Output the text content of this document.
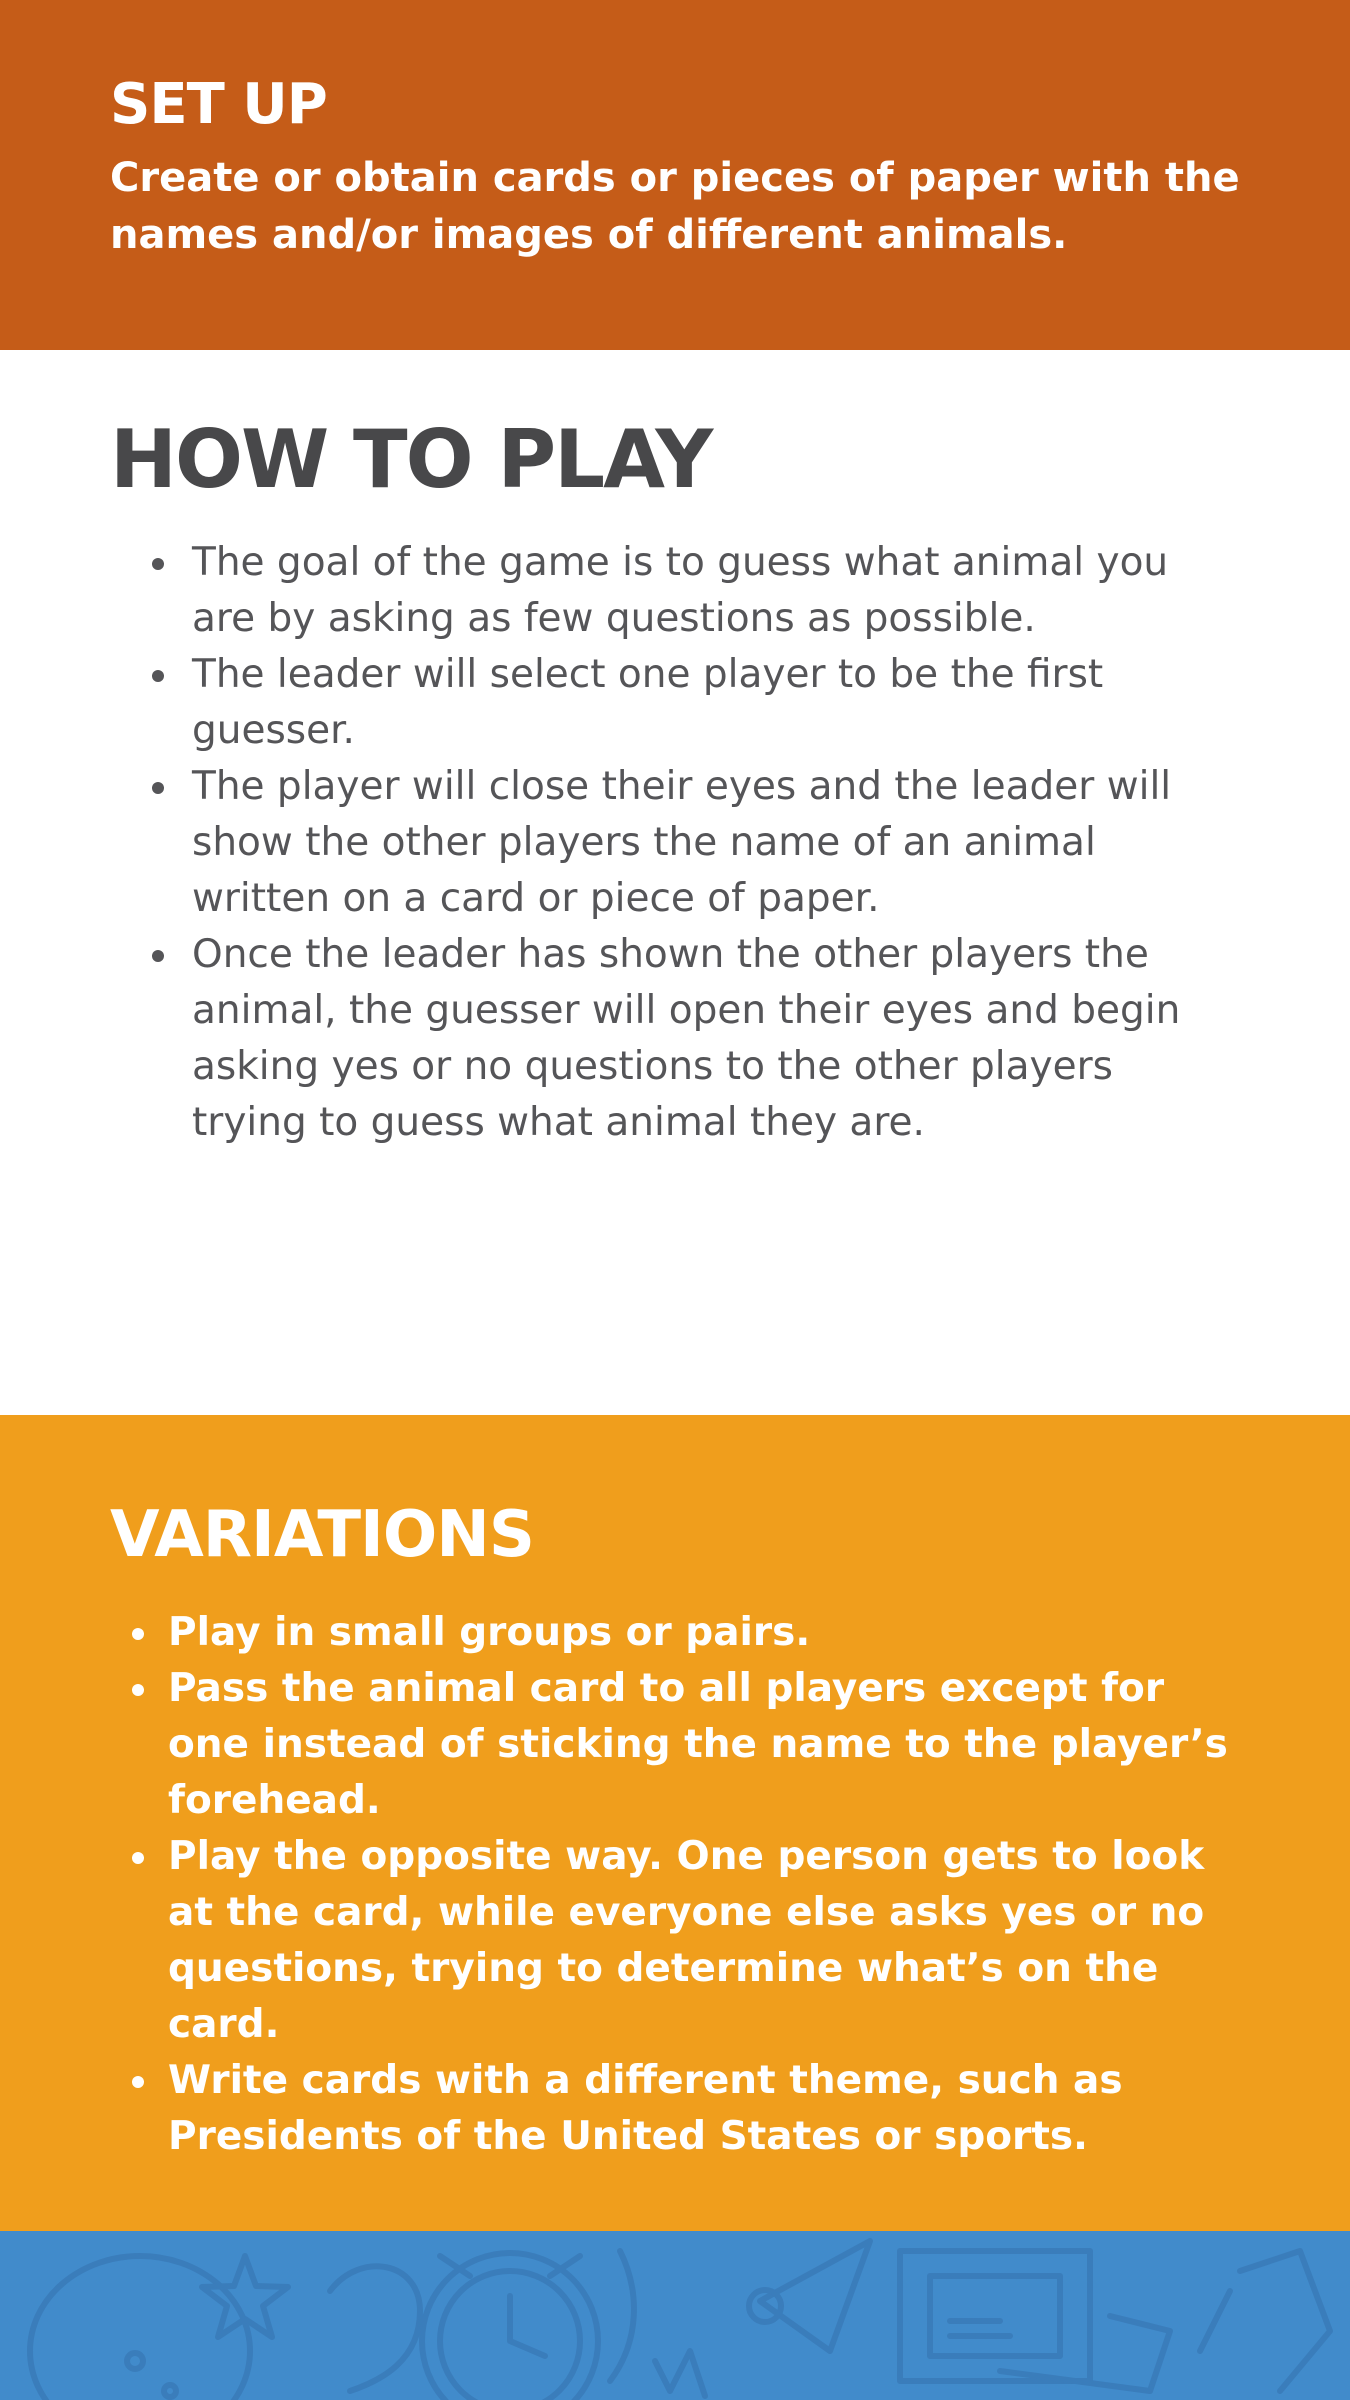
SET UP

Create or obtain cards or pieces of paper with the names and/or images of different animals.

HOW TO PLAY
The goal of the game is to guess what animal you are by asking as few questions as possible.
The leader will select one player to be the first guesser.
The player will close their eyes and the leader will show the other players the name of an animal written on a card or piece of paper.
Once the leader has shown the other players the animal, the guesser will open their eyes and begin asking yes or no questions to the other players trying to guess what animal they are.
VARIATIONS
Play in small groups or pairs.
Pass the animal card to all players except for one instead of sticking the name to the player’s forehead.
Play the opposite way. One person gets to look at the card, while everyone else asks yes or no questions, trying to determine what’s on the card.
Write cards with a different theme, such as Presidents of the United States or sports.
